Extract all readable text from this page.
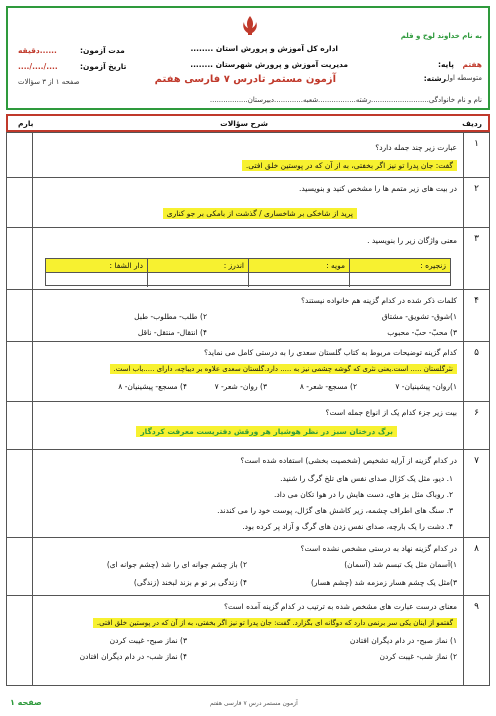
به نام خداوند لوح و قلم
پایه: هفتم
رشته:
متوسطه اول
اداره کل آموزش و پرورش استان ........
مدیریت آموزش و پرورش شهرستان ........
آزمون مستمر تادرس ۷ فارسی هفتم
مدت آزمون:
......دقیقه
تاریخ آزمون:
..../..../....
صفحه ۱ از ۳ سؤالات
نام و نام خانوادگی..........................رشته.................شعبه.............دبیرستان.................
ردیف
شرح سؤالات
بارم
۱
عبارت زیر چند جمله دارد؟
گفت: جان پدرا تو نیز اگر بخفتی، به از آن که در پوستین خلق افتی.
۲
در بیت های زیر متمم ها را مشخص کنید و بنویسید.
پرید از شاخکی بر شاخساری / گذشت از بامکی بر جو کناری
۳
معنی واژگان زیر را بنویسید .
زنجیره :
مویه :
اندرز :
دار الشفا :
۴
کلمات ذکر شده در کدام گزینه هم خانواده نیستند؟
۱)شوق- تشویق- مشتاق
۲) طلب- مطلوب- طبل
۳) محبّ- حبّ- محبوب
۴) انتقال- منتقل- ناقل
۵
کدام گزینه توضیحات مربوط به کتاب گلستان سعدی را به درستی کامل می نماید؟
نثرگلستان ..... است.یعنی نثری که گوشه چشمی نیز به ..... دارد.گلستان سعدی علاوه بر دیباچه، دارای .....باب است.
۱)روان- پیشینیان- ۷
۲) مسجع- شعر- ۸
۳) روان- شعر- ۷
۴) مسجع- پیشینیان- ۸
۶
بیت زیر جزء کدام یک از انواع جمله است؟
برگ درختان سبز در نظر هوشیار هر ورقش دفتریست معرفت کردگار
۷
در کدام گزینه از آرایه تشخیص (شخصیت بخشی) استفاده شده است؟
۱. دیو، مثل یک کژال صدای نفس های تلخ گرگ را شنید.
۲. روباک مثل بز های، دست هایش را در هوا تکان می داد.
۳. سنگ های اطراف چشمه، زیر کاشش های گژال، پوست خود را می کندند.
۴. دشت را یک بارچه، صدای نفس زدن های گرگ و آزاد پر کرده بود.
۸
در کدام گزینه نهاد به درستی مشخص نشده است؟
۱)آسمان مثل یک تبسم شد (آسمان)
۲) باز چشم جوانه ای را شد (چشم جوانه ای)
۳)مثل یک چشم هسار زمزمه شد (چشم هسار)
۴) زندگی بر تو م بزند لبخند (زندگی)
۹
معنای درست عبارت های مشخص شده به ترتیب در کدام گزینه آمده است؟
گفتمو از اینان یکی سر برنمی دارد که دوگانه ای بگزارد. گفت: جان پدرا تو نیز اگر بخفتی، به از آن که در پوستین خلق افتی.
۱) نماز صبح- در دام دیگران افتادن
۲) نماز شب- غیبت کردن
۳) نماز صبح- غیبت کردن
۴) نماز شب- در دام دیگران افتادن
صفحه ۱	آزمون مستمر درس ۷ فارسی هفتم
